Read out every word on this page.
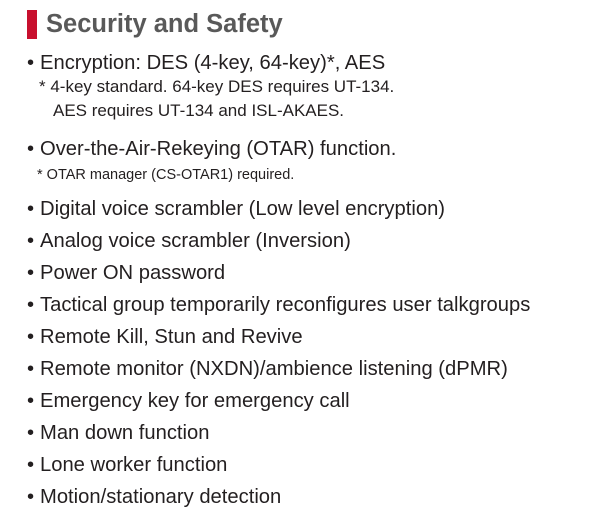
Security and Safety
• Encryption: DES (4-key, 64-key)*, AES
* 4-key standard. 64-key DES requires UT-134.
AES requires UT-134 and ISL-AKAES.
• Over-the-Air-Rekeying (OTAR) function.
* OTAR manager (CS-OTAR1) required.
• Digital voice scrambler (Low level encryption)
• Analog voice scrambler (Inversion)
• Power ON password
• Tactical group temporarily reconfigures user talkgroups
• Remote Kill, Stun and Revive
• Remote monitor (NXDN)/ambience listening (dPMR)
• Emergency key for emergency call
• Man down function
• Lone worker function
• Motion/stationary detection
